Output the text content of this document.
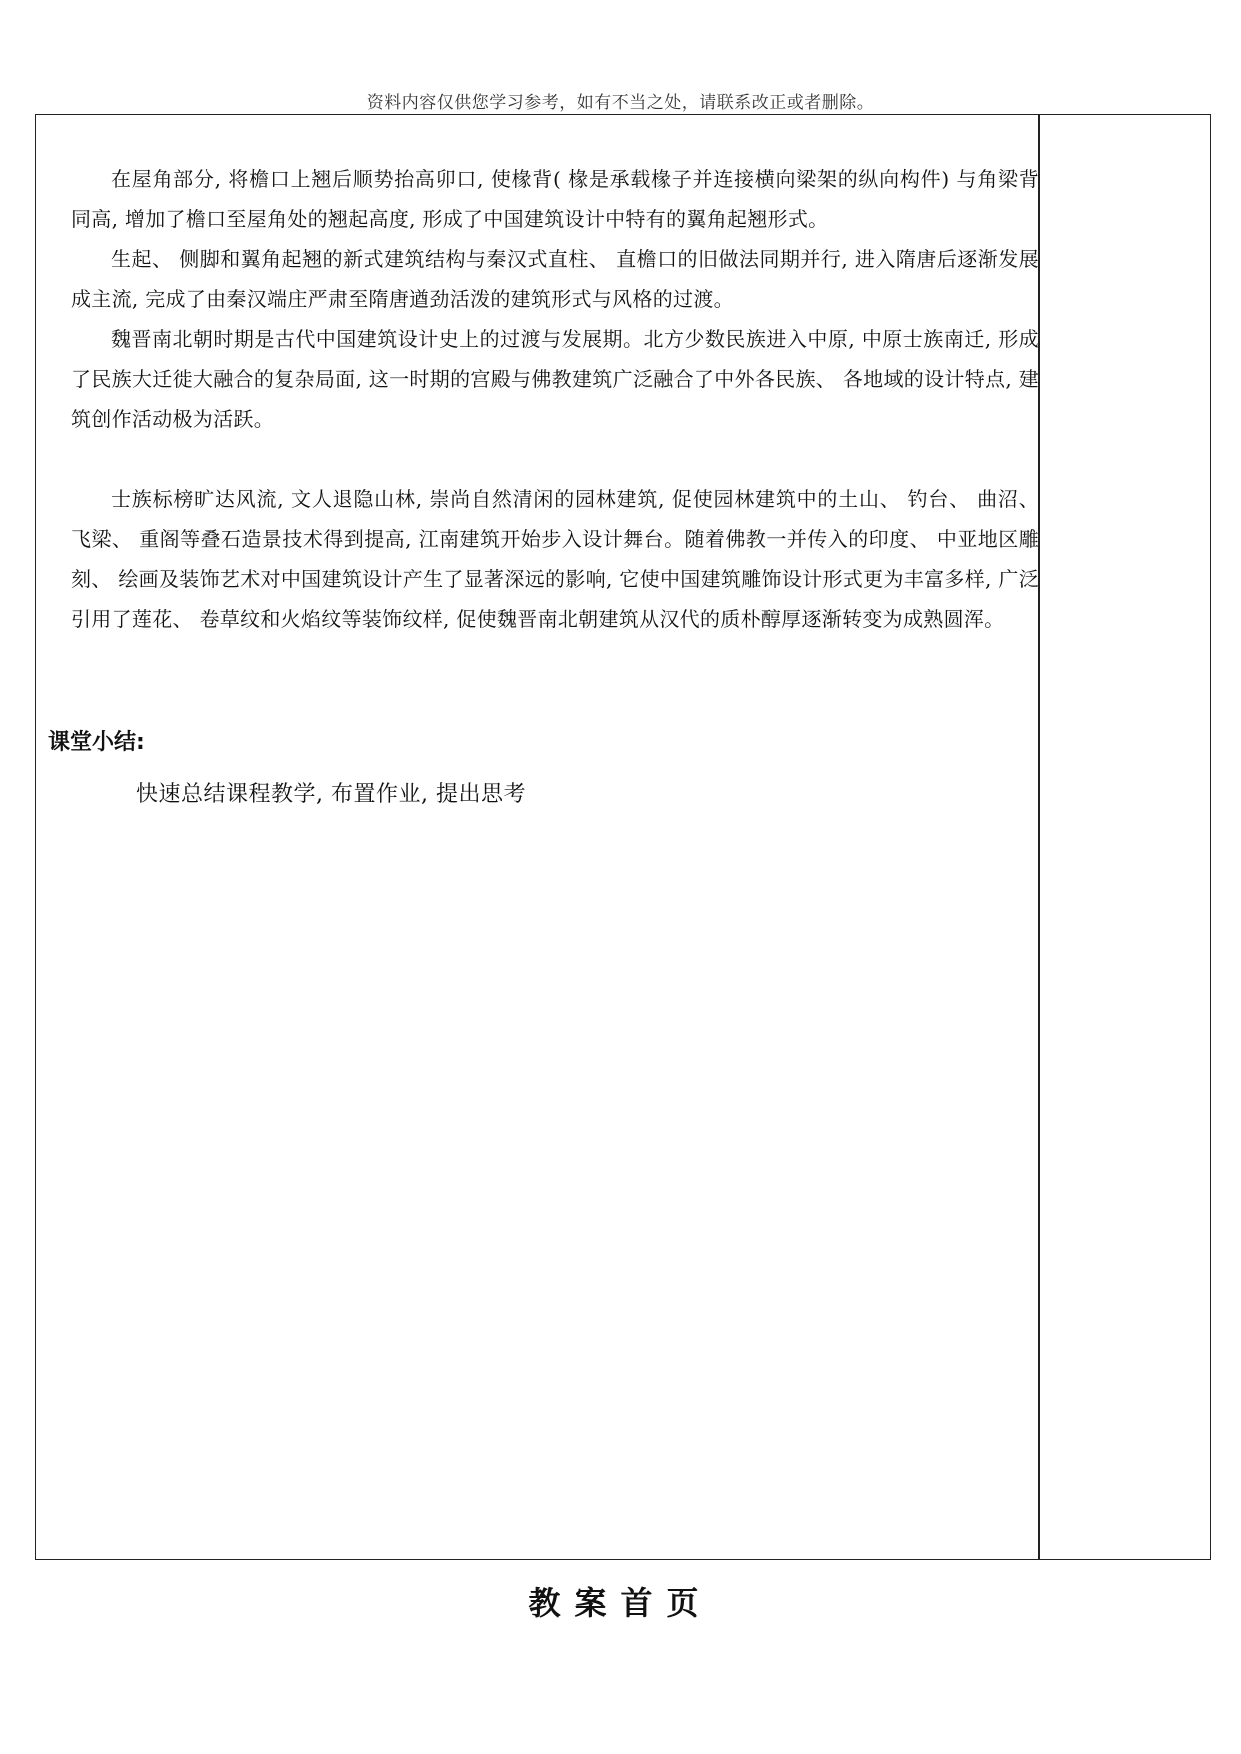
资料内容仅供您学习参考，如有不当之处，请联系改正或者删除。

在屋角部分, 将檐口上翘后顺势抬高卯口, 使椽背( 椽是承载椽子并连接横向梁架的纵向构件) 与角梁背同高, 增加了檐口至屋角处的翘起高度, 形成了中国建筑设计中特有的翼角起翘形式。

生起、 侧脚和翼角起翘的新式建筑结构与秦汉式直柱、 直檐口的旧做法同期并行, 进入隋唐后逐渐发展成主流, 完成了由秦汉端庄严肃至隋唐遒劲活泼的建筑形式与风格的过渡。

魏晋南北朝时期是古代中国建筑设计史上的过渡与发展期。北方少数民族进入中原, 中原士族南迁, 形成了民族大迁徙大融合的复杂局面, 这一时期的宫殿与佛教建筑广泛融合了中外各民族、 各地域的设计特点, 建筑创作活动极为活跃。

士族标榜旷达风流, 文人退隐山林, 崇尚自然清闲的园林建筑, 促使园林建筑中的土山、 钓台、 曲沼、 飞梁、 重阁等叠石造景技术得到提高, 江南建筑开始步入设计舞台。随着佛教一并传入的印度、 中亚地区雕刻、 绘画及装饰艺术对中国建筑设计产生了显著深远的影响, 它使中国建筑雕饰设计形式更为丰富多样, 广泛引用了莲花、 卷草纹和火焰纹等装饰纹样, 促使魏晋南北朝建筑从汉代的质朴醇厚逐渐转变为成熟圆浑。

课堂小结:
快速总结课程教学, 布置作业, 提出思考
教案首页
